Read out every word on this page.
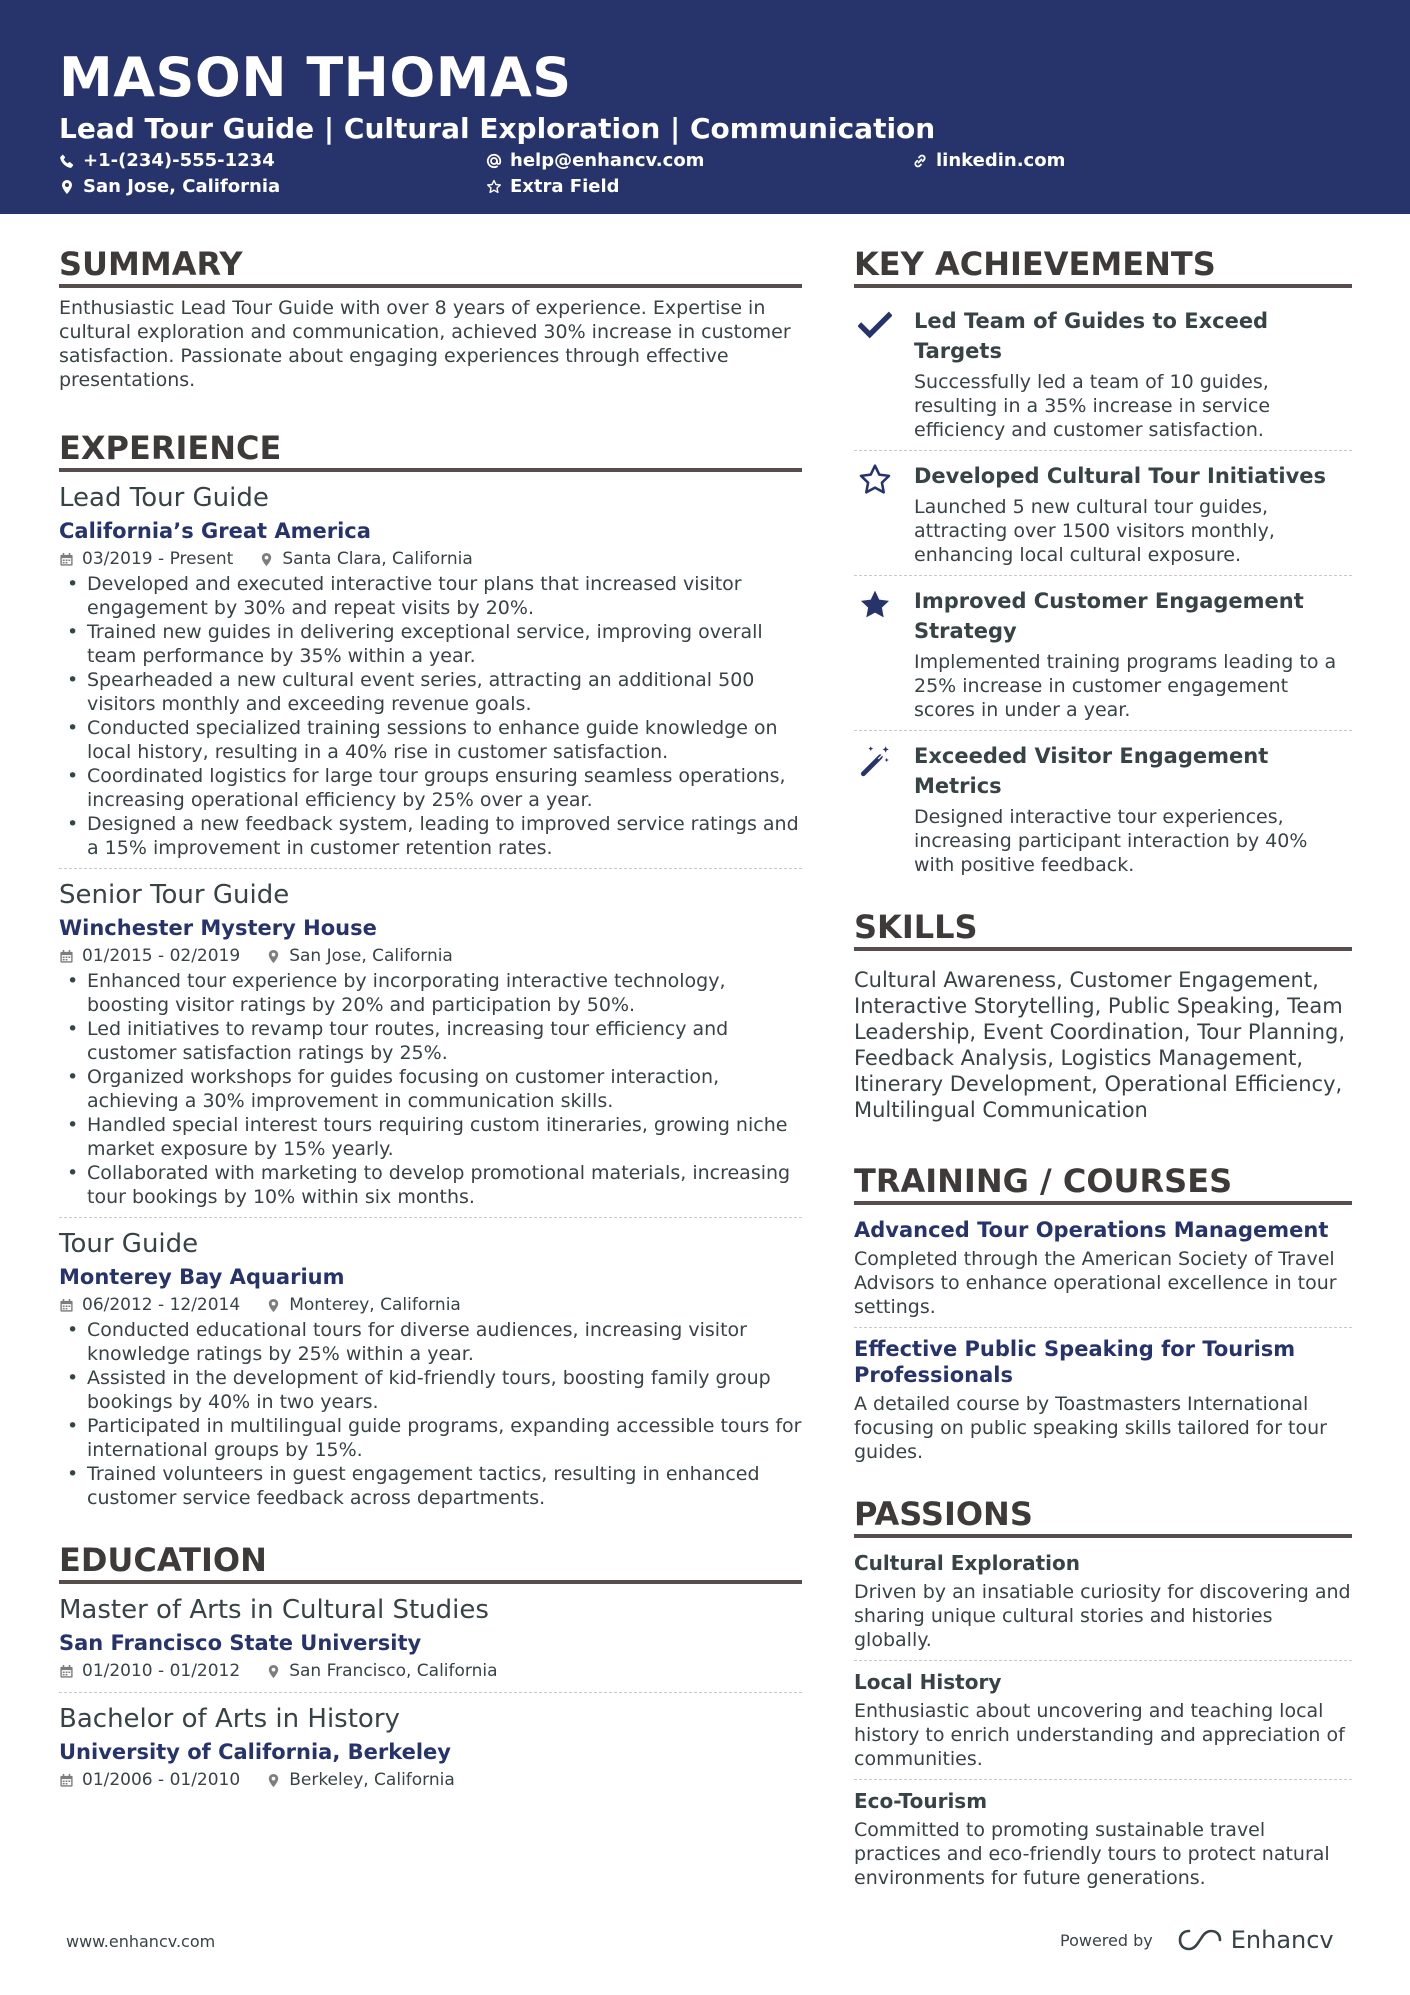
MASON THOMAS
Lead Tour Guide | Cultural Exploration | Communication
+1-(234)-555-1234	help@enhancv.com	linkedin.com
San Jose, California	Extra Field
SUMMARY

Enthusiastic Lead Tour Guide with over 8 years of experience. Expertise in cultural exploration and communication, achieved 30% increase in customer satisfaction. Passionate about engaging experiences through effective presentations.

EXPERIENCE
Lead Tour Guide
California’s Great America
03/2019 - Present	Santa Clara, California
• Developed and executed interactive tour plans that increased visitor engagement by 30% and repeat visits by 20%.
• Trained new guides in delivering exceptional service, improving overall team performance by 35% within a year.
• Spearheaded a new cultural event series, attracting an additional 500 visitors monthly and exceeding revenue goals.
• Conducted specialized training sessions to enhance guide knowledge on local history, resulting in a 40% rise in customer satisfaction.
• Coordinated logistics for large tour groups ensuring seamless operations, increasing operational efficiency by 25% over a year.
• Designed a new feedback system, leading to improved service ratings and a 15% improvement in customer retention rates.
Senior Tour Guide
Winchester Mystery House
01/2015 - 02/2019	San Jose, California
• Enhanced tour experience by incorporating interactive technology, boosting visitor ratings by 20% and participation by 50%.
• Led initiatives to revamp tour routes, increasing tour efficiency and customer satisfaction ratings by 25%.
• Organized workshops for guides focusing on customer interaction, achieving a 30% improvement in communication skills.
• Handled special interest tours requiring custom itineraries, growing niche market exposure by 15% yearly.
• Collaborated with marketing to develop promotional materials, increasing tour bookings by 10% within six months.
Tour Guide
Monterey Bay Aquarium
06/2012 - 12/2014	Monterey, California
• Conducted educational tours for diverse audiences, increasing visitor knowledge ratings by 25% within a year.
• Assisted in the development of kid-friendly tours, boosting family group bookings by 40% in two years.
• Participated in multilingual guide programs, expanding accessible tours for international groups by 15%.
• Trained volunteers in guest engagement tactics, resulting in enhanced customer service feedback across departments.
EDUCATION
Master of Arts in Cultural Studies
San Francisco State University
01/2010 - 01/2012	San Francisco, California
Bachelor of Arts in History
University of California, Berkeley
01/2006 - 01/2010	Berkeley, California
KEY ACHIEVEMENTS
Led Team of Guides to Exceed Targets
Successfully led a team of 10 guides, resulting in a 35% increase in service efficiency and customer satisfaction.
Developed Cultural Tour Initiatives
Launched 5 new cultural tour guides, attracting over 1500 visitors monthly, enhancing local cultural exposure.
Improved Customer Engagement Strategy
Implemented training programs leading to a 25% increase in customer engagement scores in under a year.
Exceeded Visitor Engagement Metrics
Designed interactive tour experiences, increasing participant interaction by 40% with positive feedback.
SKILLS

Cultural Awareness, Customer Engagement, Interactive Storytelling, Public Speaking, Team Leadership, Event Coordination, Tour Planning, Feedback Analysis, Logistics Management, Itinerary Development, Operational Efficiency, Multilingual Communication

TRAINING / COURSES
Advanced Tour Operations Management
Completed through the American Society of Travel Advisors to enhance operational excellence in tour settings.
Effective Public Speaking for Tourism Professionals
A detailed course by Toastmasters International focusing on public speaking skills tailored for tour guides.
PASSIONS
Cultural Exploration
Driven by an insatiable curiosity for discovering and sharing unique cultural stories and histories globally.
Local History
Enthusiastic about uncovering and teaching local history to enrich understanding and appreciation of communities.
Eco-Tourism
Committed to promoting sustainable travel practices and eco-friendly tours to protect natural environments for future generations.
www.enhancv.com	Powered by	Enhancv
